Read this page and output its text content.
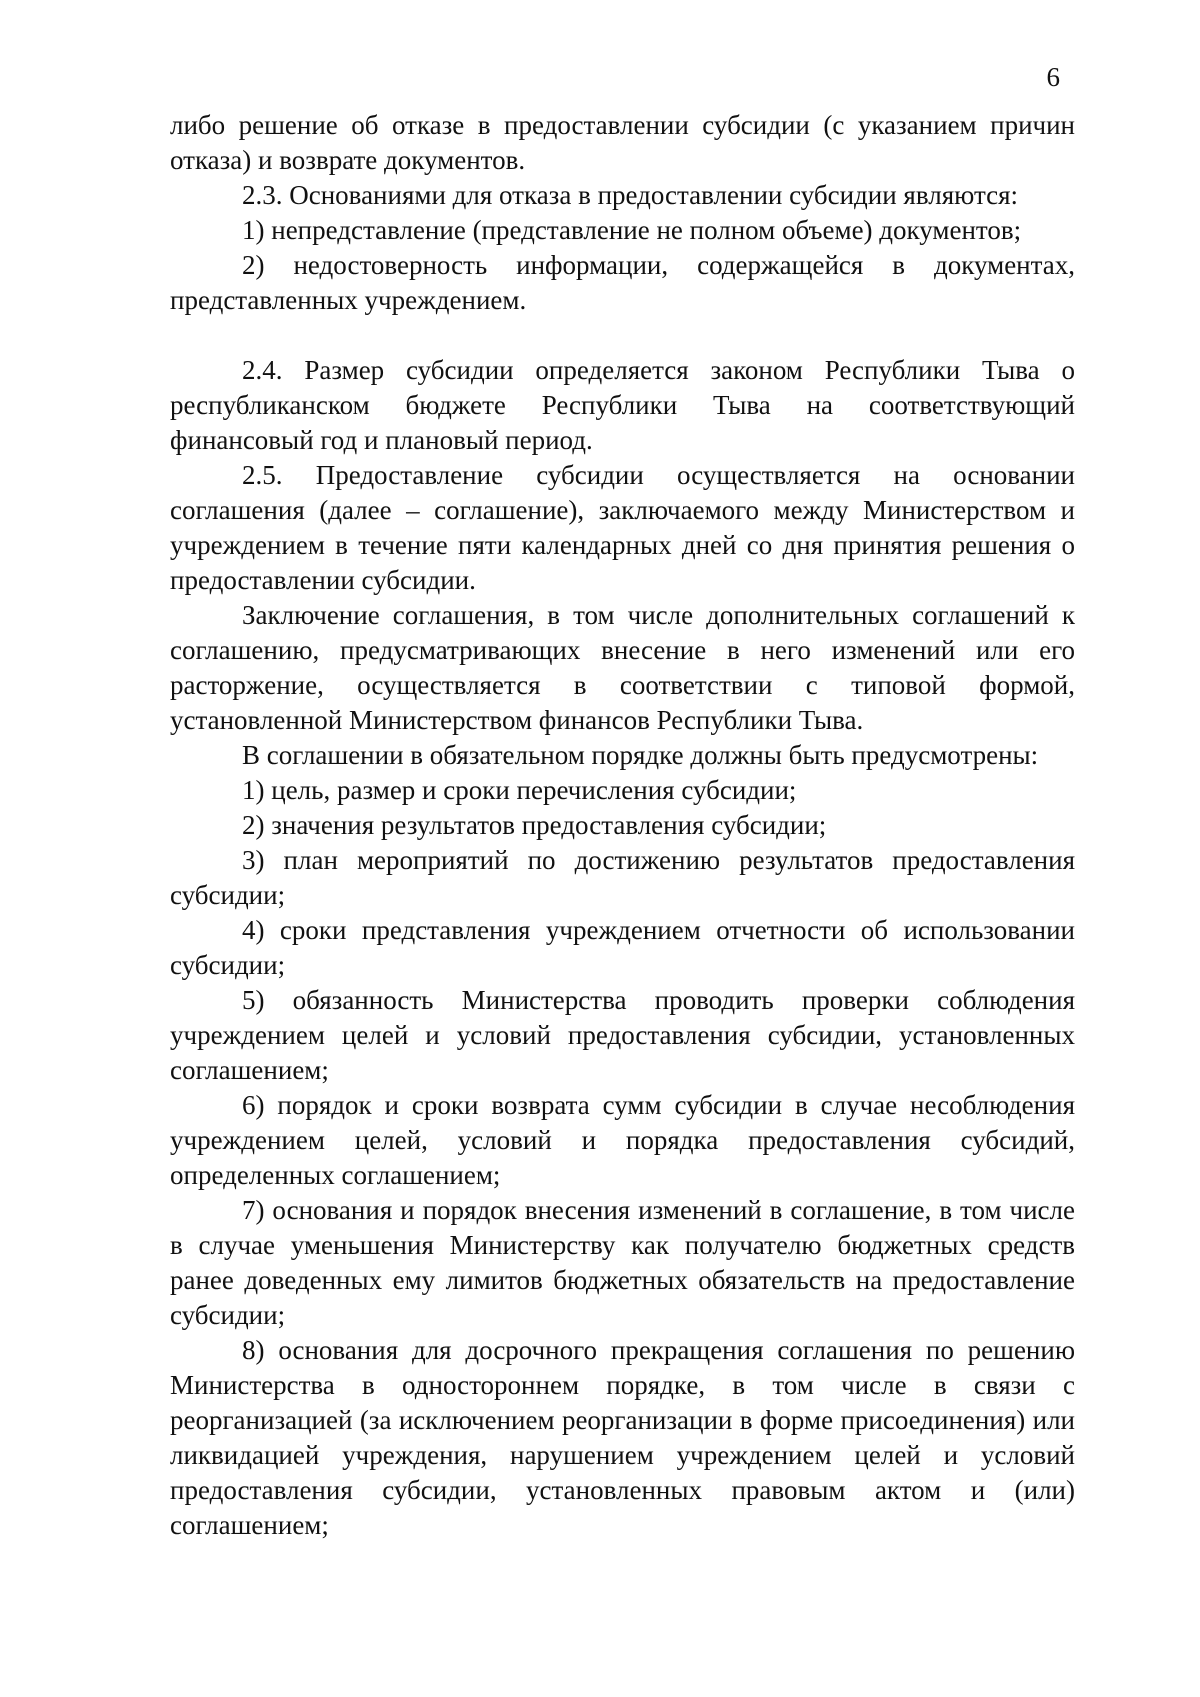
6

либо решение об отказе в предоставлении субсидии (с указанием причин отказа) и возврате документов.

2.3. Основаниями для отказа в предоставлении субсидии являются:

1) непредставление (представление не полном объеме) документов;

2) недостоверность информации, содержащейся в документах, представленных учреждением.

2.4. Размер субсидии определяется законом Республики Тыва о республиканском бюджете Республики Тыва на соответствующий финансовый год и плановый период.

2.5. Предоставление субсидии осуществляется на основании соглашения (далее – соглашение), заключаемого между Министерством и учреждением в течение пяти календарных дней со дня принятия решения о предоставлении субсидии.

Заключение соглашения, в том числе дополнительных соглашений к соглашению, предусматривающих внесение в него изменений или его расторжение, осуществляется в соответствии с типовой формой, установленной Министерством финансов Республики Тыва.

В соглашении в обязательном порядке должны быть предусмотрены:

1) цель, размер и сроки перечисления субсидии;

2) значения результатов предоставления субсидии;

3) план мероприятий по достижению результатов предоставления субсидии;

4) сроки представления учреждением отчетности об использовании субсидии;

5) обязанность Министерства проводить проверки соблюдения учреждением целей и условий предоставления субсидии, установленных соглашением;

6) порядок и сроки возврата сумм субсидии в случае несоблюдения учреждением целей, условий и порядка предоставления субсидий, определенных соглашением;

7) основания и порядок внесения изменений в соглашение, в том числе в случае уменьшения Министерству как получателю бюджетных средств ранее доведенных ему лимитов бюджетных обязательств на предоставление субсидии;

8) основания для досрочного прекращения соглашения по решению Министерства в одностороннем порядке, в том числе в связи с реорганизацией (за исключением реорганизации в форме присоединения) или ликвидацией учреждения, нарушением учреждением целей и условий предоставления субсидии, установленных правовым актом и (или) соглашением;
